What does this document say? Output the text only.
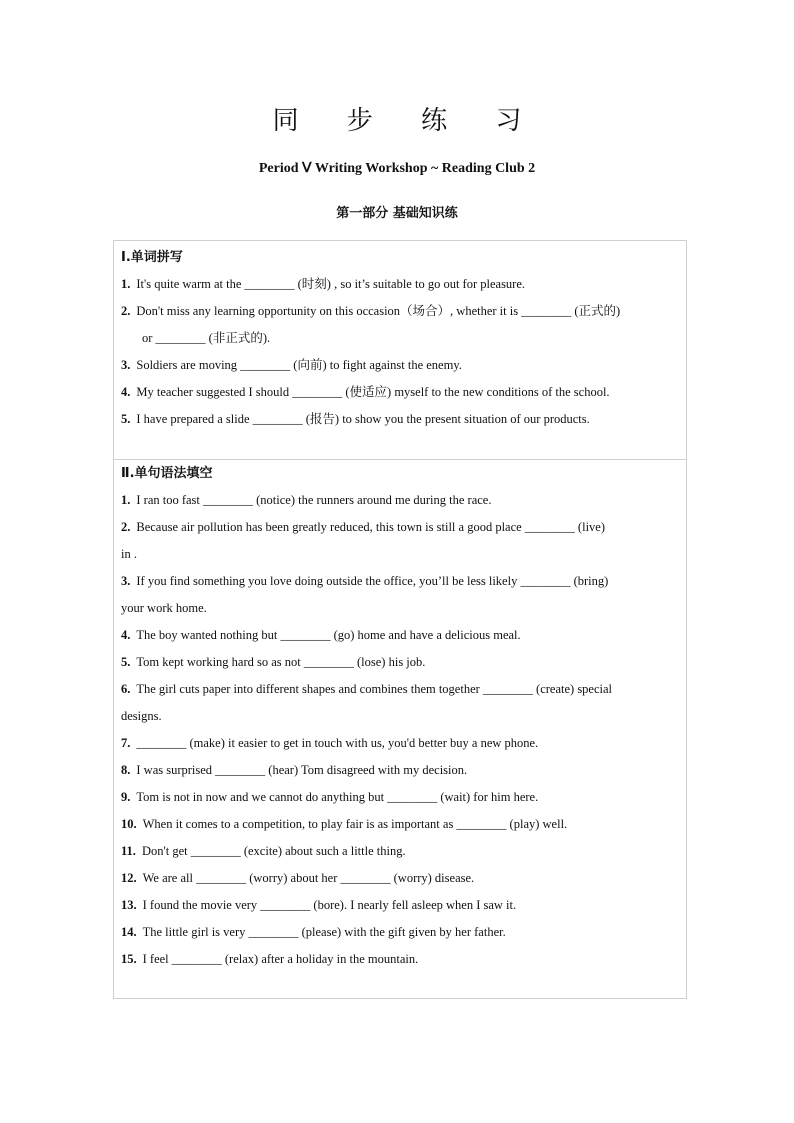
同 步 练 习
Period Ⅴ Writing Workshop ~ Reading Club 2
第一部分 基础知识练
Ⅰ.单词拼写
1. It's quite warm at the ________ (时刻) , so it’s suitable to go out for pleasure.
2. Don't miss any learning opportunity on this occasion（场合）, whether it is ________ (正式的)
or ________ (非正式的).
3. Soldiers are moving ________ (向前) to fight against the enemy.
4. My teacher suggested I should ________ (使适应) myself to the new conditions of the school.
5. I have prepared a slide ________ (报告) to show you the present situation of our products.
Ⅱ.单句语法填空
1. I ran too fast ________ (notice) the runners around me during the race.
2. Because air pollution has been greatly reduced, this town is still a good place ________ (live)
in .
3. If you find something you love doing outside the office, you’ll be less likely ________ (bring)
your work home.
4. The boy wanted nothing but ________ (go) home and have a delicious meal.
5. Tom kept working hard so as not ________ (lose) his job.
6. The girl cuts paper into different shapes and combines them together ________ (create) special
designs.
7. ________ (make) it easier to get in touch with us, you'd better buy a new phone.
8. I was surprised ________ (hear) Tom disagreed with my decision.
9. Tom is not in now and we cannot do anything but ________ (wait) for him here.
10. When it comes to a competition, to play fair is as important as ________ (play) well.
11. Don't get ________ (excite) about such a little thing.
12. We are all ________ (worry) about her ________ (worry) disease.
13. I found the movie very ________ (bore). I nearly fell asleep when I saw it.
14. The little girl is very ________ (please) with the gift given by her father.
15. I feel ________ (relax) after a holiday in the mountain.
